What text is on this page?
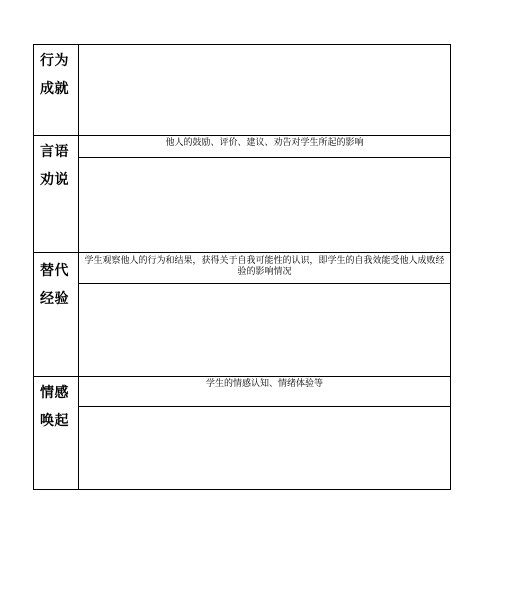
行为
成就
言语
劝说
他人的鼓励、评价、建议、劝告对学生所起的影响
替代
经验
学生观察他人的行为和结果，获得关于自我可能性的认识，即学生的自我效能受他人成败经验的影响情况
情感
唤起
学生的情感认知、情绪体验等
